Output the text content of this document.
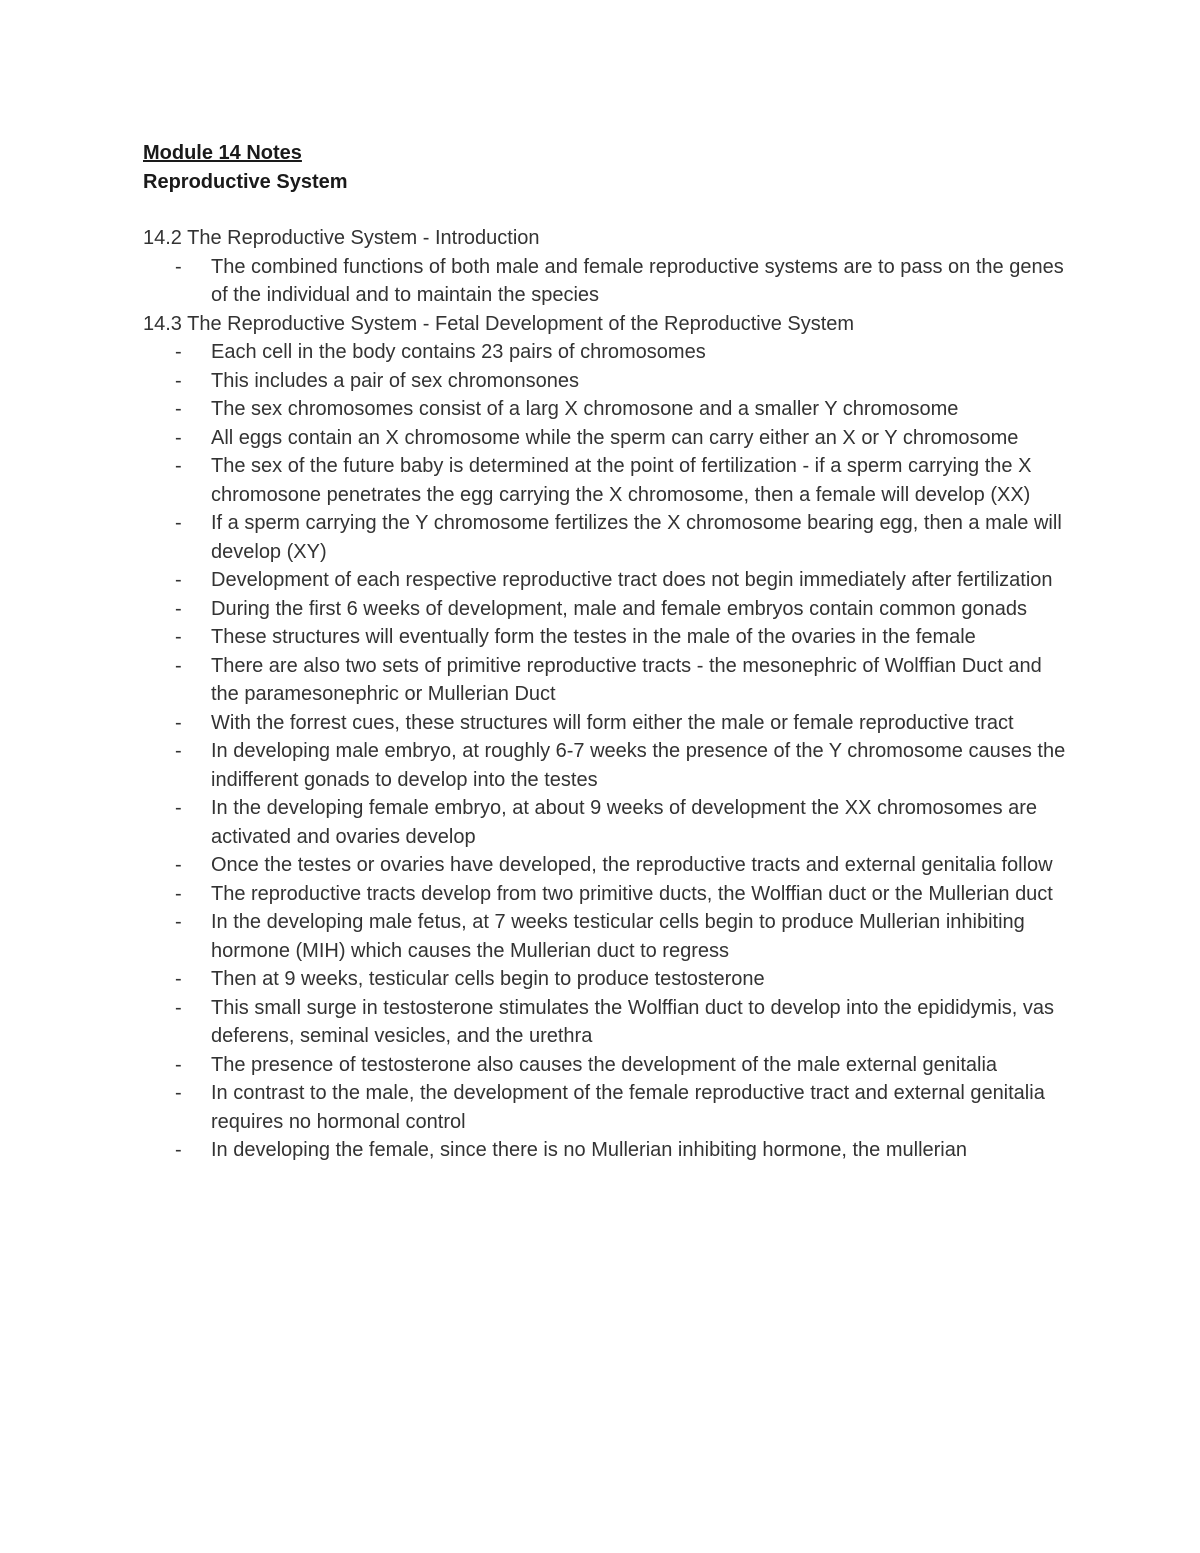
Module 14 Notes
Reproductive System
14.2 The Reproductive System - Introduction
- The combined functions of both male and female reproductive systems are to pass on the genes of the individual and to maintain the species
14.3 The Reproductive System - Fetal Development of the Reproductive System
- Each cell in the body contains 23 pairs of chromosomes
- This includes a pair of sex chromonsones
- The sex chromosomes consist of a larg X chromosone and a smaller Y chromosome
- All eggs contain an X chromosome while the sperm can carry either an X or Y chromosome
- The sex of the future baby is determined at the point of fertilization - if a sperm carrying the X chromosone penetrates the egg carrying the X chromosome, then a female will develop (XX)
- If a sperm carrying the Y chromosome fertilizes the X chromosome bearing egg, then a male will develop (XY)
- Development of each respective reproductive tract does not begin immediately after fertilization
- During the first 6 weeks of development, male and female embryos contain common gonads
- These structures will eventually form the testes in the male of the ovaries in the female
- There are also two sets of primitive reproductive tracts - the mesonephric of Wolffian Duct and the paramesonephric or Mullerian Duct
- With the forrest cues, these structures will form either the male or female reproductive tract
- In developing male embryo, at roughly 6-7 weeks the presence of the Y chromosome causes the indifferent gonads to develop into the testes
- In the developing female embryo, at about 9 weeks of development the XX chromosomes are activated and ovaries develop
- Once the testes or ovaries have developed, the reproductive tracts and external genitalia follow
- The reproductive tracts develop from two primitive ducts, the Wolffian duct or the Mullerian duct
- In the developing male fetus, at 7 weeks testicular cells begin to produce Mullerian inhibiting hormone (MIH) which causes the Mullerian duct to regress
- Then at 9 weeks, testicular cells begin to produce testosterone
- This small surge in testosterone stimulates the Wolffian duct to develop into the epididymis, vas deferens, seminal vesicles, and the urethra
- The presence of testosterone also causes the development of the male external genitalia
- In contrast to the male, the development of the female reproductive tract and external genitalia requires no hormonal control
- In developing the female, since there is no Mullerian inhibiting hormone, the mullerian
